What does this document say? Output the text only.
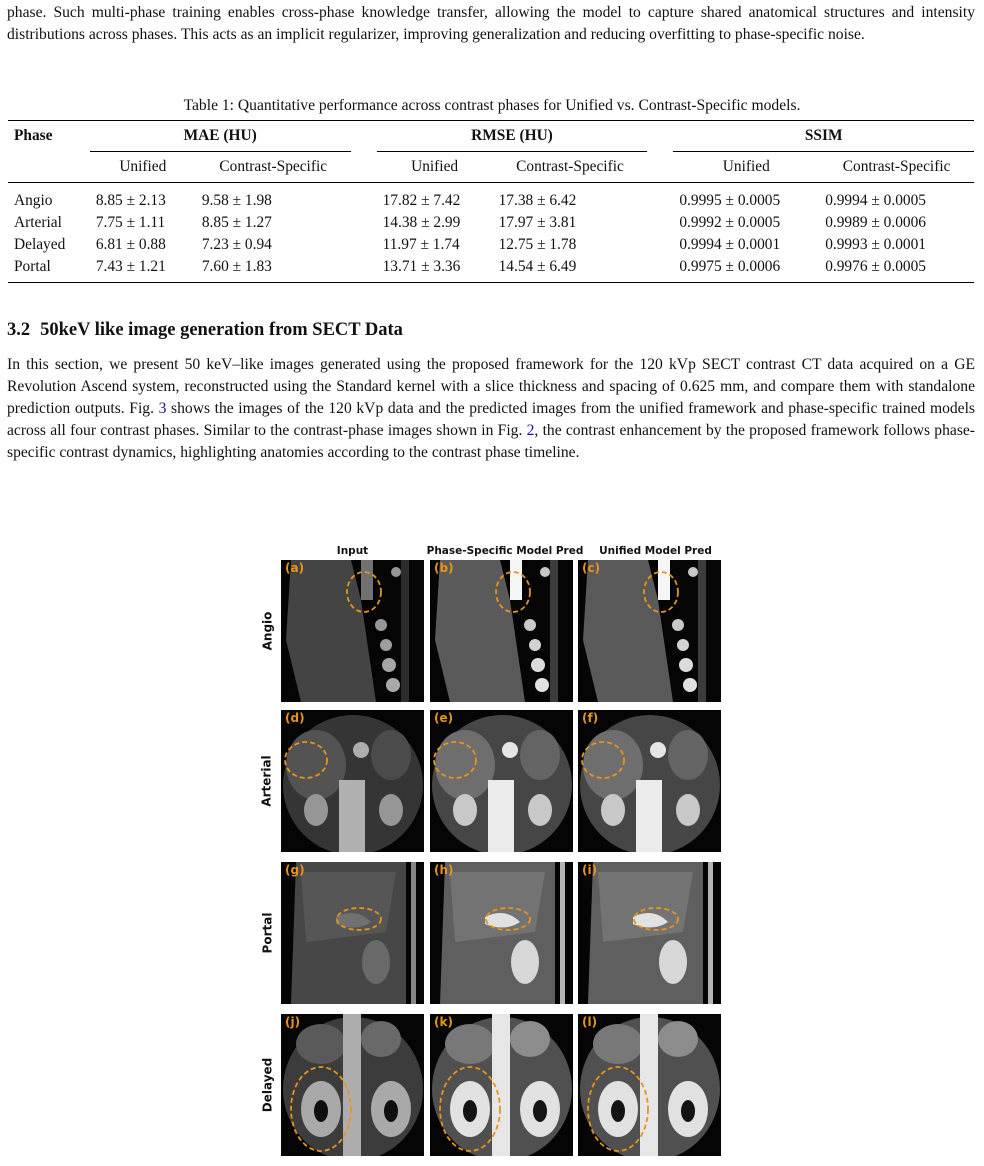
phase. Such multi-phase training enables cross-phase knowledge transfer, allowing the model to capture shared anatomical structures and intensity distributions across phases. This acts as an implicit regularizer, improving generalization and reducing overfitting to phase-specific noise.

Table 1: Quantitative performance across contrast phases for Unified vs. Contrast-Specific models.
Phase	MAE (HU)			RMSE (HU)			SSIM	
	Unified	Contrast-Specific		Unified	Contrast-Specific		Unified	Contrast-Specific

Angio	8.85 ± 2.13	9.58 ± 1.98		17.82 ± 7.42	17.38 ± 6.42		0.9995 ± 0.0005	0.9994 ± 0.0005
Arterial	7.75 ± 1.11	8.85 ± 1.27		14.38 ± 2.99	17.97 ± 3.81		0.9992 ± 0.0005	0.9989 ± 0.0006
Delayed	6.81 ± 0.88	7.23 ± 0.94		11.97 ± 1.74	12.75 ± 1.78		0.9994 ± 0.0001	0.9993 ± 0.0001
Portal	7.43 ± 1.21	7.60 ± 1.83		13.71 ± 3.36	14.54 ± 6.49		0.9975 ± 0.0006	0.9976 ± 0.0005
3.2 50keV like image generation from SECT Data

In this section, we present 50 keV–like images generated using the proposed framework for the 120 kVp SECT contrast CT data acquired on a GE Revolution Ascend system, reconstructed using the Standard kernel with a slice thickness and spacing of 0.625 mm, and compare them with standalone prediction outputs. Fig. 3 shows the images of the 120 kVp data and the predicted images from the unified framework and phase-specific trained models across all four contrast phases. Similar to the contrast-phase images shown in Fig. 2, the contrast enhancement by the proposed framework follows phase-specific contrast dynamics, highlighting anatomies according to the contrast phase timeline.

Input	Phase-Specific Model Pred	Unified Model Pred
Angio
Arterial
Portal
Delayed
(a)	(b)	(c)
(d)	(e)	(f)
(g)	(h)	(i)
(j)	(k)	(l)
